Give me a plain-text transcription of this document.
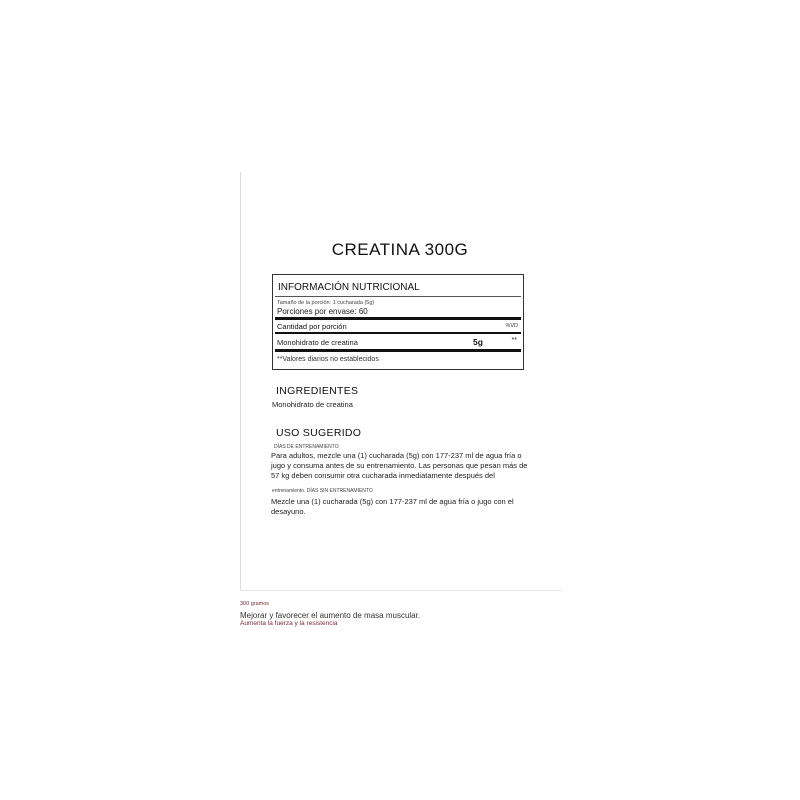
CREATINA 300G
INFORMACIÓN NUTRICIONAL
Tamaño de la porción: 1 cucharada (5g)
Porciones por envase: 60
Cantidad por porción	%VD
Monohidrato de creatina	5g	**
**Valores diarios no establecidos
INGREDIENTES
Monohidrato de creatina
USO SUGERIDO
DÍAS DE ENTRENAMIENTO

Para adultos, mezcle una (1) cucharada (5g) con 177-237 ml de agua fría o jugo y consuma antes de su entrenamiento. Las personas que pesan más de 57 kg deben consumir otra cucharada inmediatamente después del

entrenamiento. DÍAS SIN ENTRENAMIENTO

Mezcle una (1) cucharada (5g) con 177-237 ml de agua fría o jugo con el desayuno.

300 gramos
Mejorar y favorecer el aumento de masa muscular.
Aumenta la fuerza y la resistencia
